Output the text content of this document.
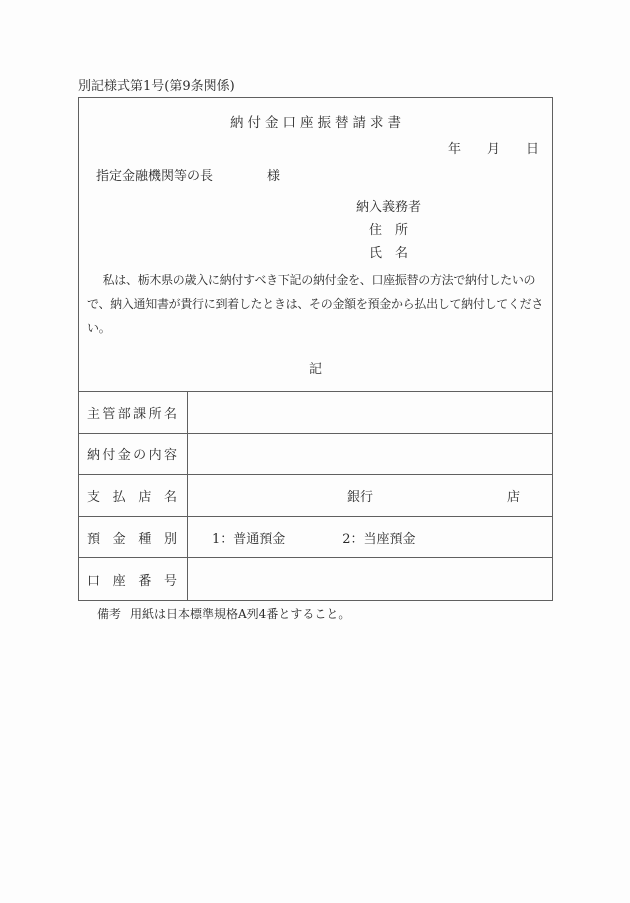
別記様式第1号(第9条関係)
納付金口座振替請求書
年　　月　　日
指定金融機関等の長	様
納入義務者
住　所
氏　名
私は、栃木県の歳入に納付すべき下記の納付金を、口座振替の方法で納付したいの
で、納入通知書が貴行に到着したときは、その金額を預金から払出して納付してくださ
い。
記
主 管 部 課 所 名
納 付 金 の 内 容
支 払 店 名	銀行	店
預 金 種 別	1：普通預金	2：当座預金
口 座 番 号
備考 用紙は日本標準規格A列4番とすること。
